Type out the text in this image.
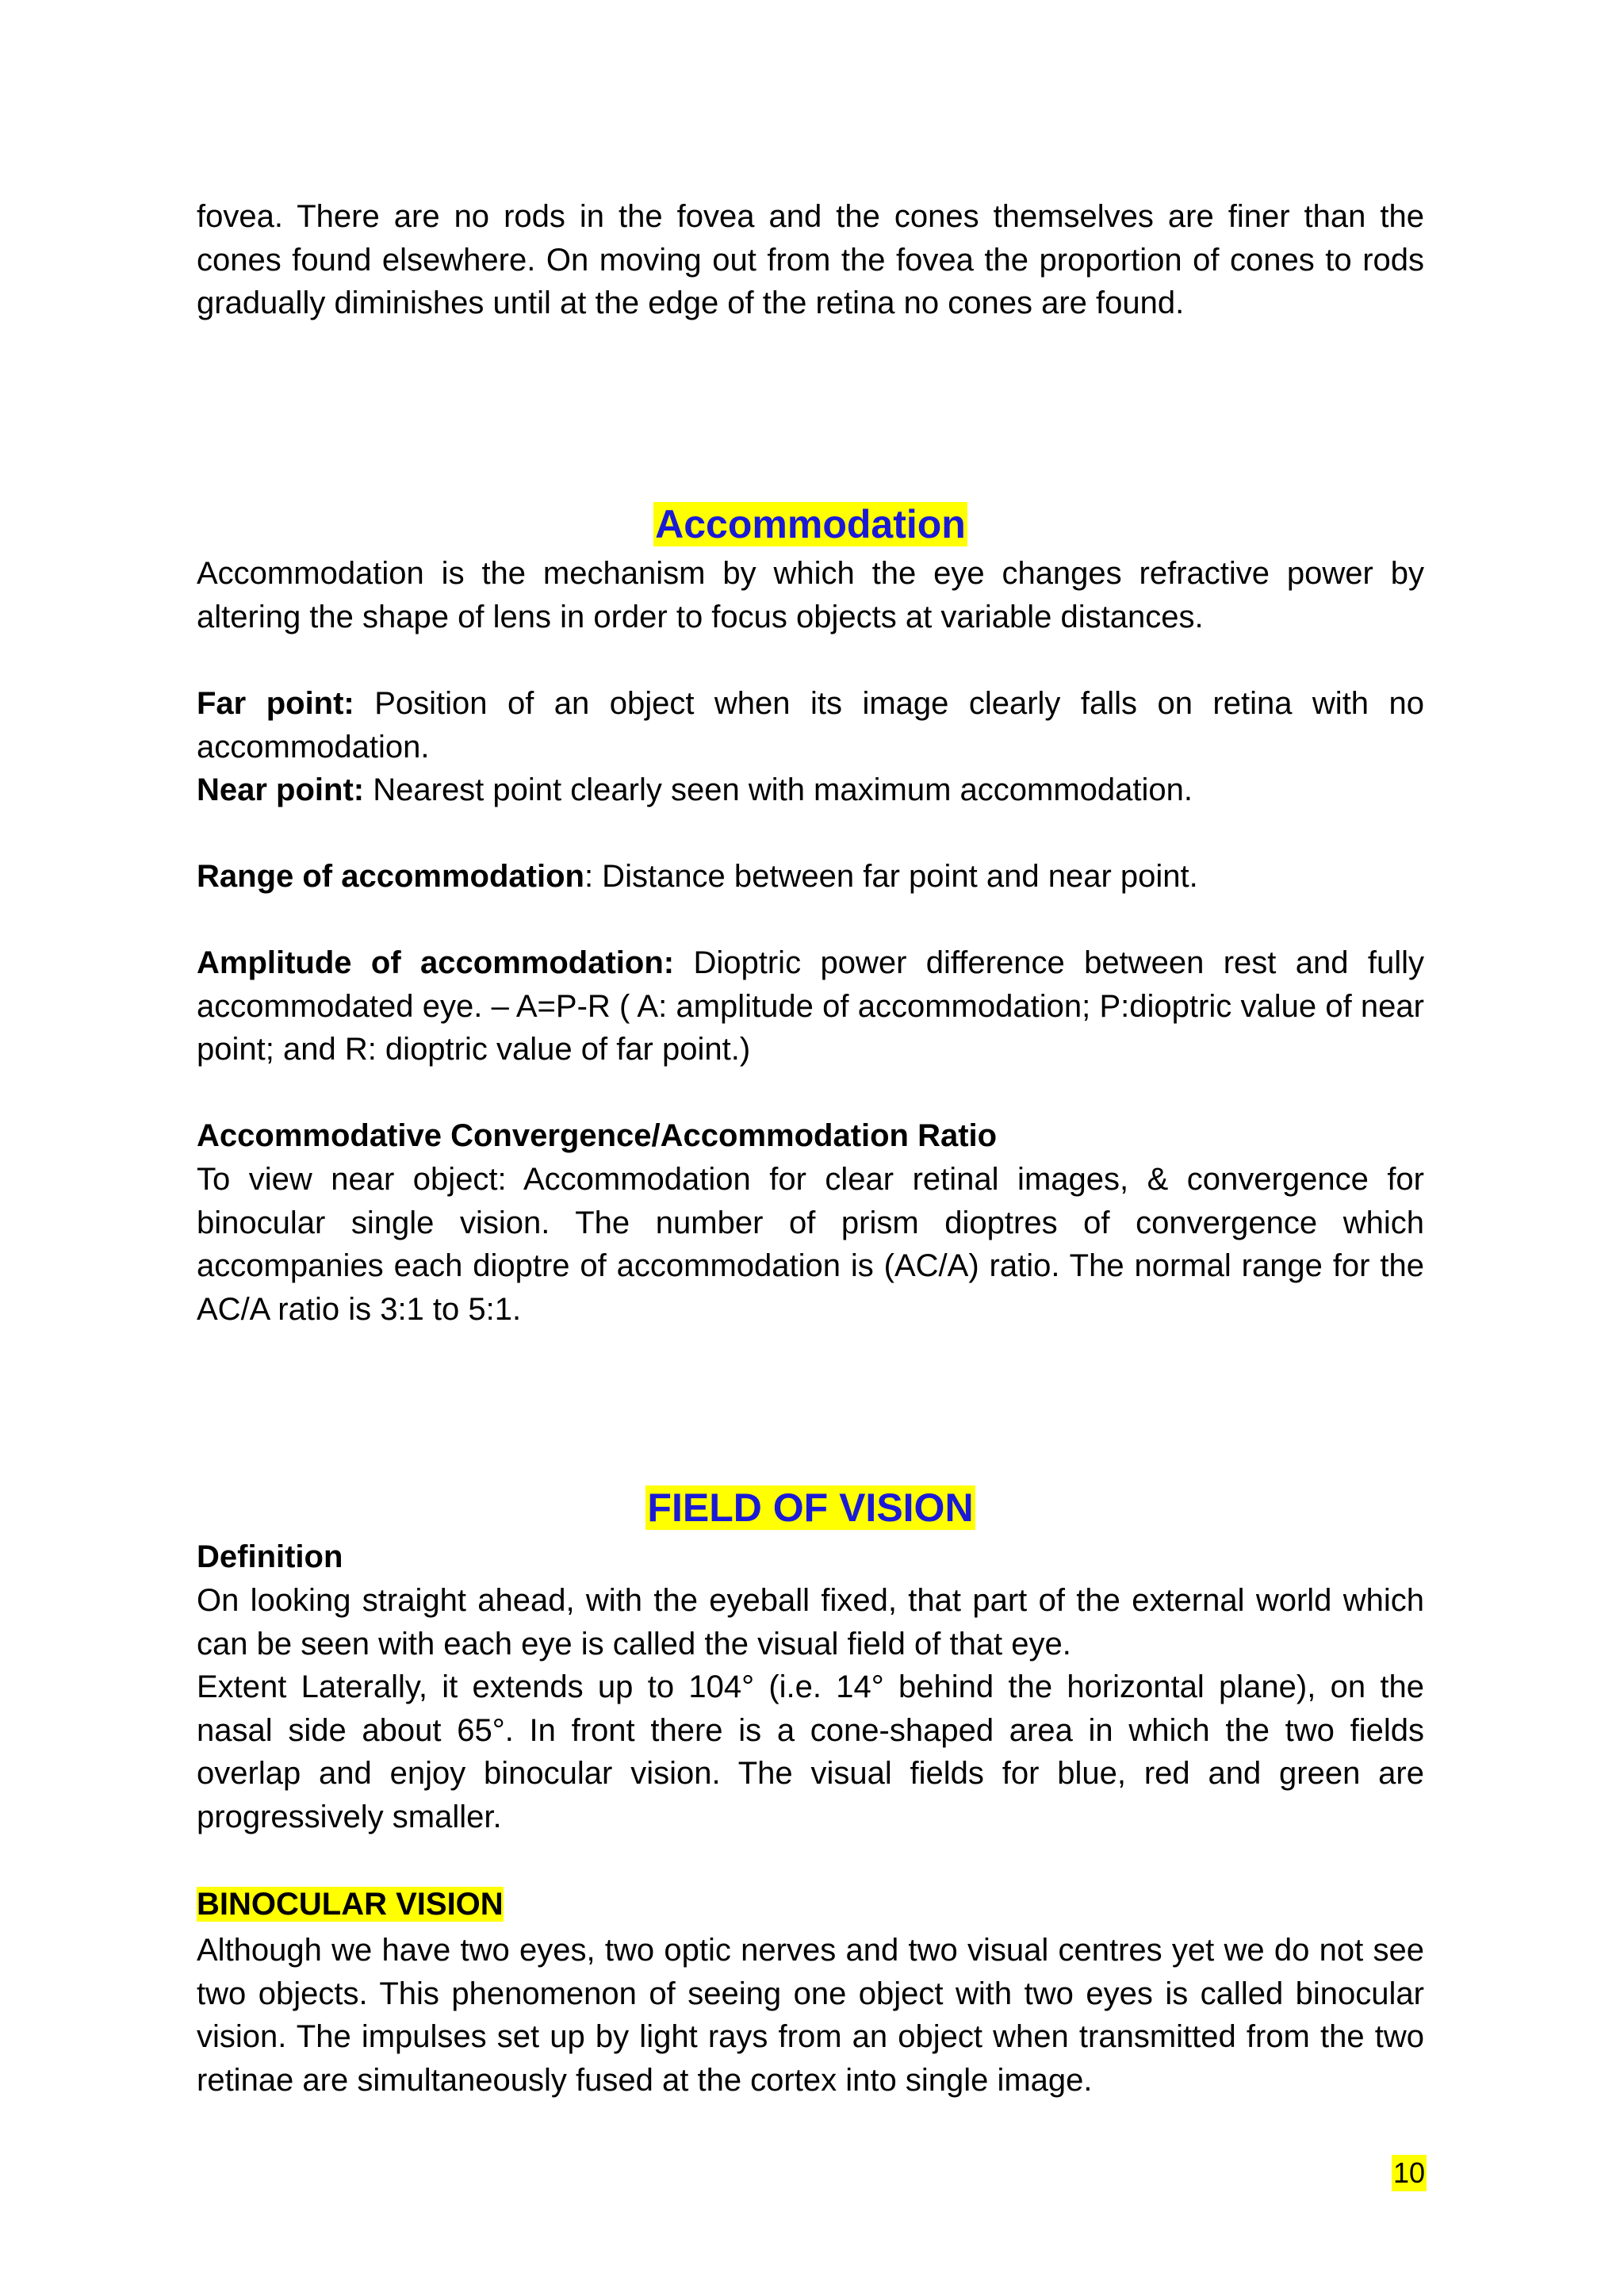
fovea. There are no rods in the fovea and the cones themselves are finer than the cones found elsewhere. On moving out from the fovea the proportion of cones to rods gradually diminishes until at the edge of the retina no cones are found.

Accommodation

Accommodation is the mechanism by which the eye changes refractive power by altering the shape of lens in order to focus objects at variable distances.

Far point: Position of an object when its image clearly falls on retina with no accommodation.

Near point: Nearest point clearly seen with maximum accommodation.

Range of accommodation: Distance between far point and near point.

Amplitude of accommodation: Dioptric power difference between rest and fully accommodated eye. – A=P-R ( A: amplitude of accommodation; P:dioptric value of near point; and R: dioptric value of far point.)

Accommodative Convergence/Accommodation Ratio

To view near object: Accommodation for clear retinal images, & convergence for binocular single vision. The number of prism dioptres of convergence which accompanies each dioptre of accommodation is (AC/A) ratio. The normal range for the AC/A ratio is 3:1 to 5:1.

FIELD OF VISION

Definition

On looking straight ahead, with the eyeball fixed, that part of the external world which can be seen with each eye is called the visual field of that eye.

Extent Laterally, it extends up to 104° (i.e. 14° behind the horizontal plane), on the nasal side about 65°. In front there is a cone-shaped area in which the two fields overlap and enjoy binocular vision. The visual fields for blue, red and green are progressively smaller.

BINOCULAR VISION

Although we have two eyes, two optic nerves and two visual centres yet we do not see two objects. This phenomenon of seeing one object with two eyes is called binocular vision. The impulses set up by light rays from an object when transmitted from the two retinae are simultaneously fused at the cortex into single image.

10
